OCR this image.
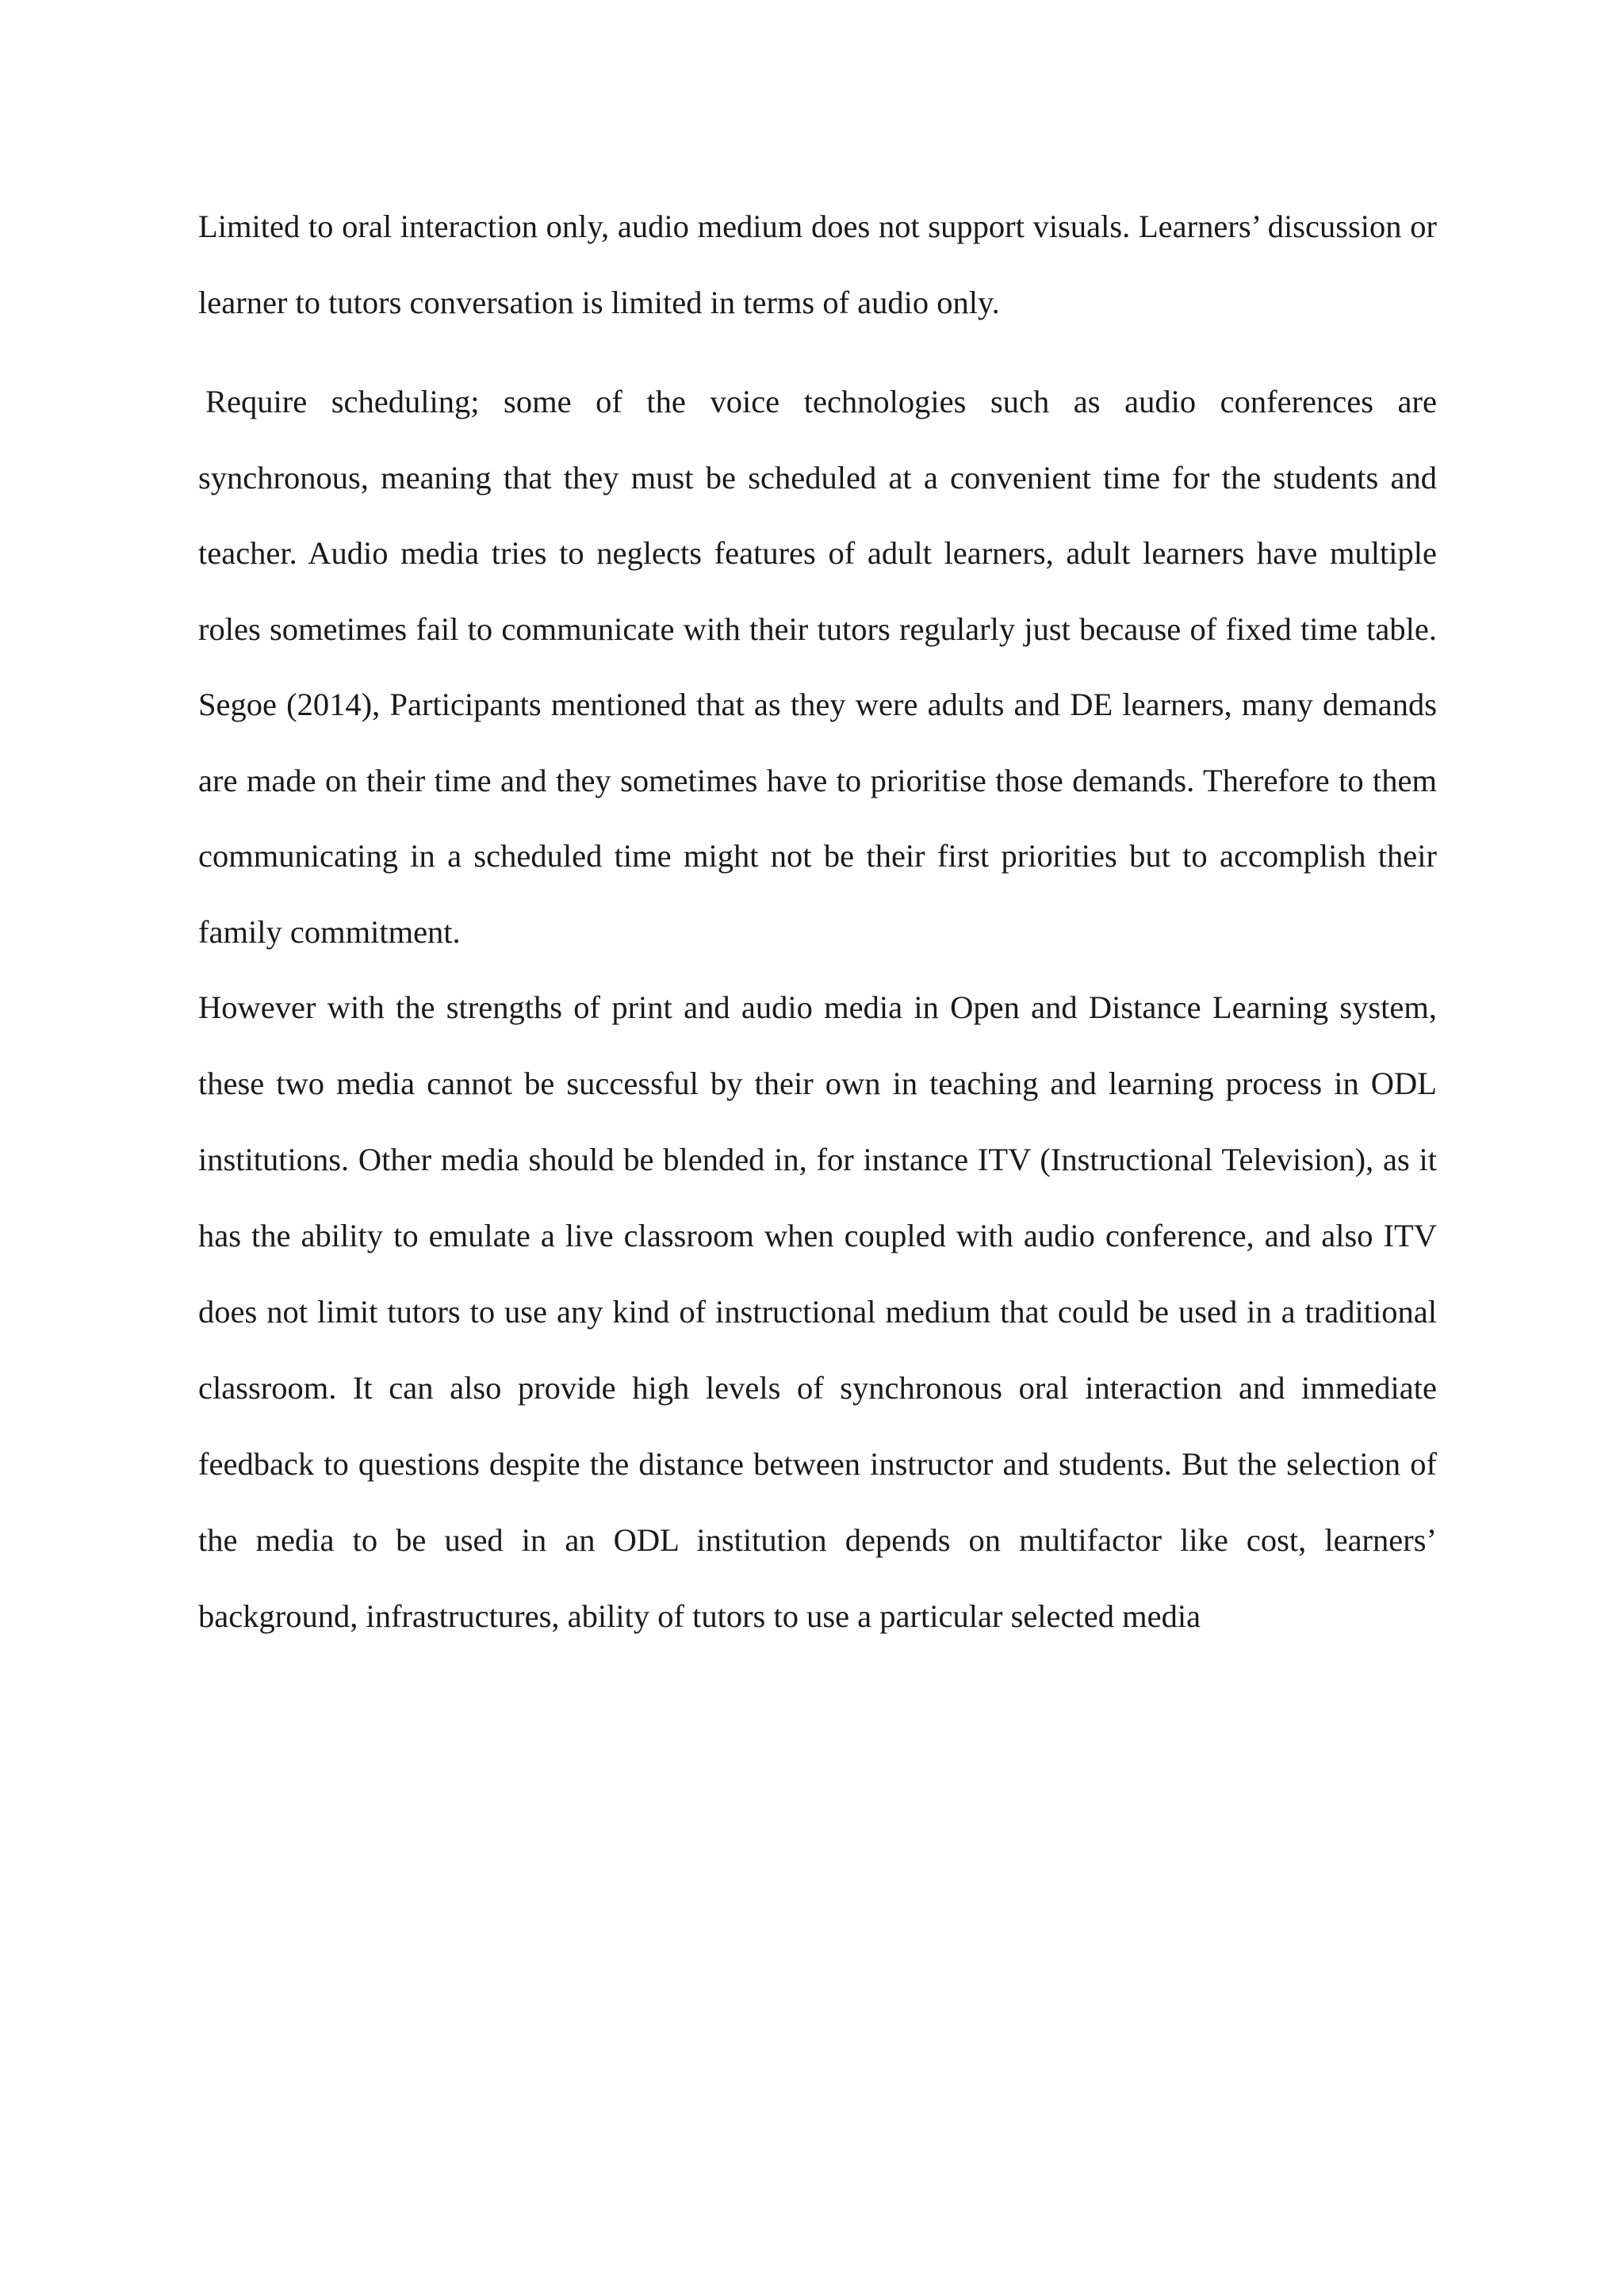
Limited to oral interaction only, audio medium does not support visuals. Learners’ discussion or learner to tutors conversation is limited in terms of audio only.

Require scheduling; some of the voice technologies such as audio conferences are synchronous, meaning that they must be scheduled at a convenient time for the students and teacher. Audio media tries to neglects features of adult learners, adult learners have multiple roles sometimes fail to communicate with their tutors regularly just because of fixed time table. Segoe (2014), Participants mentioned that as they were adults and DE learners, many demands are made on their time and they sometimes have to prioritise those demands. Therefore to them communicating in a scheduled time might not be their first priorities but to accomplish their family commitment.

However with the strengths of print and audio media in Open and Distance Learning system, these two media cannot be successful by their own in teaching and learning process in ODL institutions. Other media should be blended in, for instance ITV (Instructional Television), as it has the ability to emulate a live classroom when coupled with audio conference, and also ITV does not limit tutors to use any kind of instructional medium that could be used in a traditional classroom. It can also provide high levels of synchronous oral interaction and immediate feedback to questions despite the distance between instructor and students. But the selection of the media to be used in an ODL institution depends on multifactor like cost, learners’ background, infrastructures, ability of tutors to use a particular selected media
